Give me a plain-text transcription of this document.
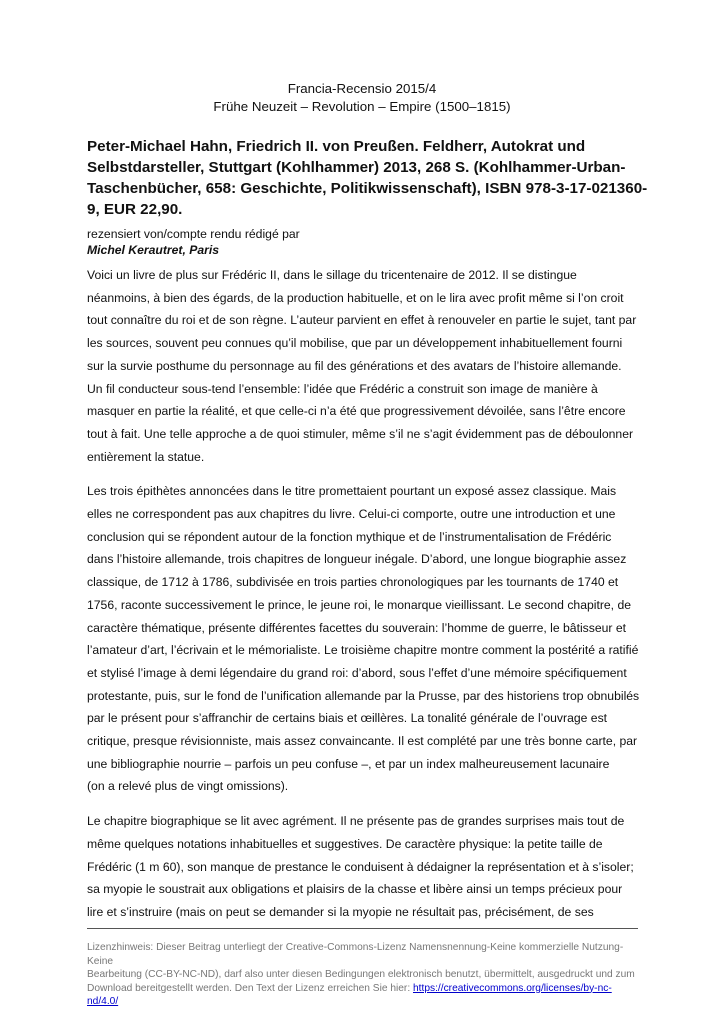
Francia-Recensio 2015/4
Frühe Neuzeit – Revolution – Empire (1500–1815)
Peter-Michael Hahn, Friedrich II. von Preußen. Feldherr, Autokrat und
Selbstdarsteller, Stuttgart (Kohlhammer) 2013, 268 S. (Kohlhammer-Urban-
Taschenbücher, 658: Geschichte, Politikwissenschaft), ISBN 978-3-17-021360-
9, EUR 22,90.
rezensiert von/compte rendu rédigé par
Michel Kerautret, Paris

Voici un livre de plus sur Frédéric II, dans le sillage du tricentenaire de 2012. Il se distingue
néanmoins, à bien des égards, de la production habituelle, et on le lira avec profit même si l’on croit
tout connaître du roi et de son règne. L’auteur parvient en effet à renouveler en partie le sujet, tant par
les sources, souvent peu connues qu’il mobilise, que par un développement inhabituellement fourni
sur la survie posthume du personnage au fil des générations et des avatars de l’histoire allemande.
Un fil conducteur sous-tend l’ensemble: l’idée que Frédéric a construit son image de manière à
masquer en partie la réalité, et que celle-ci n’a été que progressivement dévoilée, sans l’être encore
tout à fait. Une telle approche a de quoi stimuler, même s’il ne s’agit évidemment pas de déboulonner
entièrement la statue.

Les trois épithètes annoncées dans le titre promettaient pourtant un exposé assez classique. Mais
elles ne correspondent pas aux chapitres du livre. Celui-ci comporte, outre une introduction et une
conclusion qui se répondent autour de la fonction mythique et de l’instrumentalisation de Frédéric
dans l’histoire allemande, trois chapitres de longueur inégale. D’abord, une longue biographie assez
classique, de 1712 à 1786, subdivisée en trois parties chronologiques par les tournants de 1740 et
1756, raconte successivement le prince, le jeune roi, le monarque vieillissant. Le second chapitre, de
caractère thématique, présente différentes facettes du souverain: l’homme de guerre, le bâtisseur et
l’amateur d’art, l’écrivain et le mémorialiste. Le troisième chapitre montre comment la postérité a ratifié
et stylisé l’image à demi légendaire du grand roi: d’abord, sous l’effet d’une mémoire spécifiquement
protestante, puis, sur le fond de l’unification allemande par la Prusse, par des historiens trop obnubilés
par le présent pour s’affranchir de certains biais et œillères. La tonalité générale de l’ouvrage est
critique, presque révisionniste, mais assez convaincante. Il est complété par une très bonne carte, par
une bibliographie nourrie – parfois un peu confuse –, et par un index malheureusement lacunaire
(on a relevé plus de vingt omissions).

Le chapitre biographique se lit avec agrément. Il ne présente pas de grandes surprises mais tout de
même quelques notations inhabituelles et suggestives. De caractère physique: la petite taille de
Frédéric (1 m 60), son manque de prestance le conduisent à dédaigner la représentation et à s’isoler;
sa myopie le soustrait aux obligations et plaisirs de la chasse et libère ainsi un temps précieux pour
lire et s’instruire (mais on peut se demander si la myopie ne résultait pas, précisément, de ses

Lizenzhinweis: Dieser Beitrag unterliegt der Creative-Commons-Lizenz Namensnennung-Keine kommerzielle Nutzung-Keine
Bearbeitung (CC-BY-NC-ND), darf also unter diesen Bedingungen elektronisch benutzt, übermittelt, ausgedruckt und zum
Download bereitgestellt werden. Den Text der Lizenz erreichen Sie hier: https://creativecommons.org/licenses/by-nc-nd/4.0/
